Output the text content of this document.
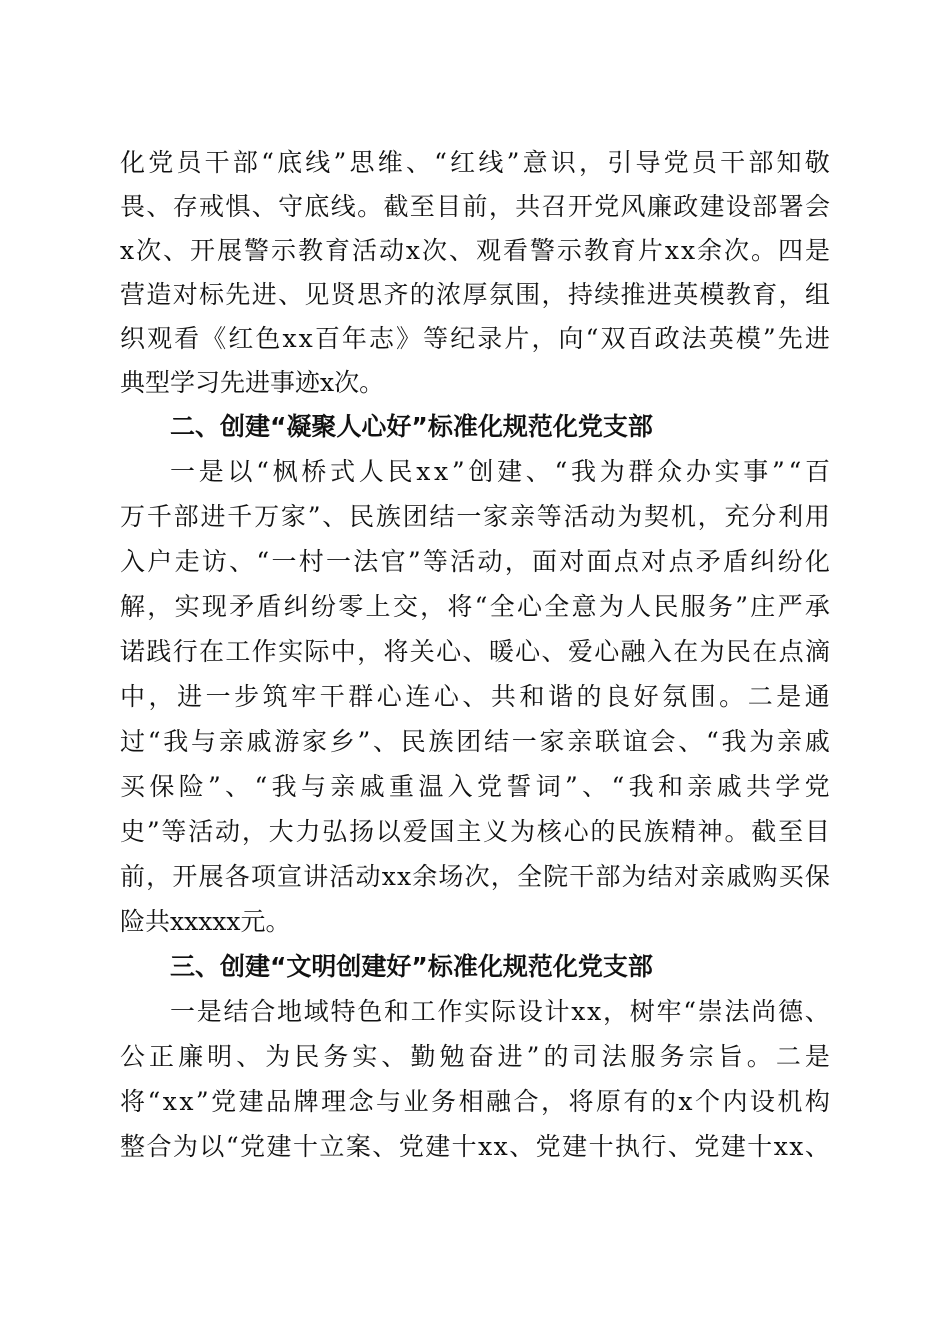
化 党 员 干 部 “ 底 线 ” 思 维 、 “ 红 线 ” 意 识 ， 引 导 党 员 干 部 知 敬
畏 、 存 戒 惧 、 守 底 线 。 截 至 目 前 ， 共 召 开 党 风 廉 政 建 设 部 署 会
x 次 、 开 展 警 示 教 育 活 动 x 次 、 观 看 警 示 教 育 片 x x 余 次 。 四 是
营 造 对 标 先 进 、 见 贤 思 齐 的 浓 厚 氛 围 ， 持 续 推 进 英 模 教 育 ， 组
织 观 看 《 红 色 x x 百 年 志 》 等 纪 录 片 ， 向 “ 双 百 政 法 英 模 ” 先 进
典型学习先进事迹x次。
二、创建“凝聚人心好”标准化规范化党支部
一 是 以 “ 枫 桥 式 人 民 x x ” 创 建 、 “ 我 为 群 众 办 实 事 ” “ 百
万 千 部 进 千 万 家 ” 、 民 族 团 结 一 家 亲 等 活 动 为 契 机 ， 充 分 利 用
入 户 走 访 、 “ 一 村 一 法 官 ” 等 活 动 ， 面 对 面 点 对 点 矛 盾 纠 纷 化
解 ， 实 现 矛 盾 纠 纷 零 上 交 ， 将 “ 全 心 全 意 为 人 民 服 务 ” 庄 严 承
诺 践 行 在 工 作 实 际 中 ， 将 关 心 、 暖 心 、 爱 心 融 入 在 为 民 在 点 滴
中 ， 进 一 步 筑 牢 干 群 心 连 心 、 共 和 谐 的 良 好 氛 围 。 二 是 通
过 “ 我 与 亲 戚 游 家 乡 ” 、 民 族 团 结 一 家 亲 联 谊 会 、 “ 我 为 亲 戚
买 保 险 ” 、 “ 我 与 亲 戚 重 温 入 党 誓 词 ” 、 “ 我 和 亲 戚 共 学 党
史 ” 等 活 动 ， 大 力 弘 扬 以 爱 国 主 义 为 核 心 的 民 族 精 神 。 截 至 目
前 ， 开 展 各 项 宣 讲 活 动 x x 余 场 次 ， 全 院 干 部 为 结 对 亲 戚 购 买 保
险共xxxxx元。
三、创建“文明创建好”标准化规范化党支部
一 是 结 合 地 域 特 色 和 工 作 实 际 设 计 x x ， 树 牢 “ 崇 法 尚 德 、
公 正 廉 明 、 为 民 务 实 、 勤 勉 奋 进 ” 的 司 法 服 务 宗 旨 。 二 是
将 “ x x ” 党 建 品 牌 理 念 与 业 务 相 融 合 ， 将 原 有 的 x 个 内 设 机 构
整 合 为 以 “ 党 建 十 立 案 、 党 建 十 x x 、 党 建 十 执 行 、 党 建 十 x x 、
